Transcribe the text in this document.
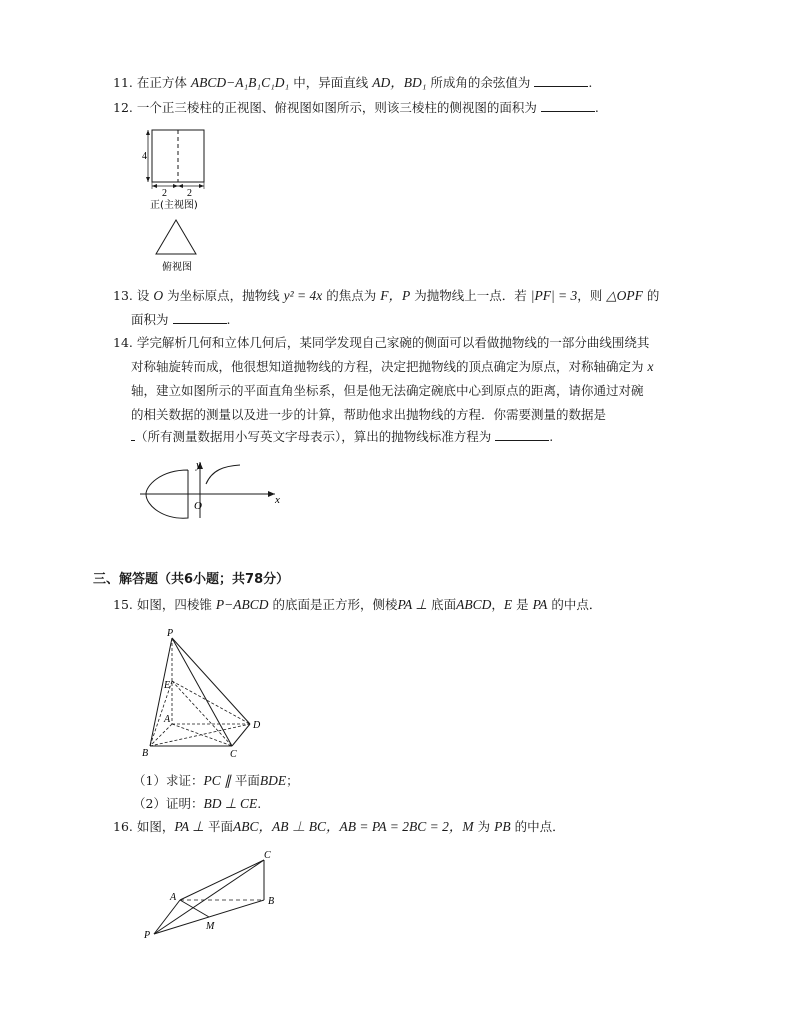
11. 在正方体 ABCD−A₁B₁C₁D₁ 中，异面直线 AD，BD₁ 所成角的余弦值为	.
12. 一个正三棱柱的正视图、俯视图如图所示，则该三棱柱的侧视图的面积为	.
4
2 2
正(主视图)
俯视图
13. 设 O 为坐标原点，抛物线 y² = 4x 的焦点为 F，P 为抛物线上一点．若 |PF| = 3，则 △OPF 的
面积为	.
14. 学完解析几何和立体几何后，某同学发现自己家碗的侧面可以看做抛物线的一部分曲线围绕其
对称轴旋转而成，他很想知道抛物线的方程，决定把抛物线的顶点确定为原点，对称轴确定为 x
轴，建立如图所示的平面直角坐标系，但是他无法确定碗底中心到原点的距离，请你通过对碗
的相关数据的测量以及进一步的计算，帮助他求出抛物线的方程．你需要测量的数据是
（所有测量数据用小写英文字母表示），算出的抛物线标准方程为	.
y
O	x
三、解答题（共6小题；共78分）
15. 如图，四棱锥 P−ABCD 的底面是正方形，侧棱PA ⊥ 底面ABCD，E 是 PA 的中点．
P
E
A
B	C
D
（1）求证：PC ∥ 平面BDE；
（2）证明：BD ⊥ CE.
16. 如图，PA ⊥ 平面ABC，AB ⊥ BC，AB = PA = 2BC = 2，M 为 PB 的中点．
C
A	B
M
P
